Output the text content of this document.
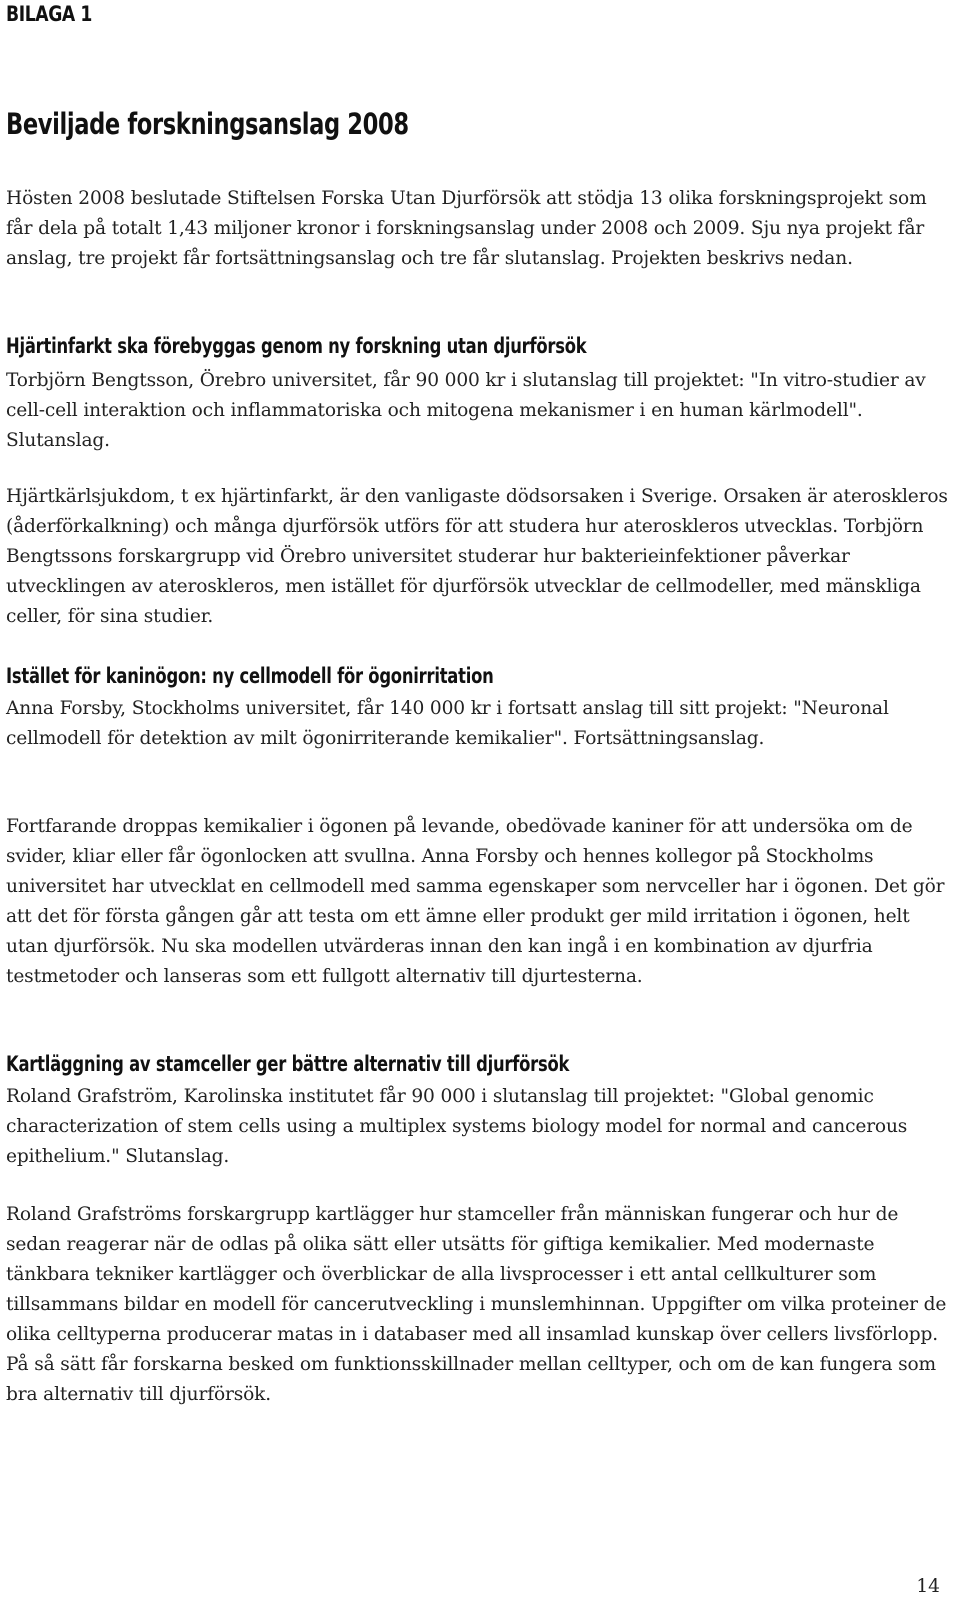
BILAGA 1
Beviljade forskningsanslag 2008

Hösten 2008 beslutade Stiftelsen Forska Utan Djurförsök att stödja 13 olika forskningsprojekt som får dela på totalt 1,43 miljoner kronor i forskningsanslag under 2008 och 2009. Sju nya projekt får anslag, tre projekt får fortsättningsanslag och tre får slutanslag. Projekten beskrivs nedan.

Hjärtinfarkt ska förebyggas genom ny forskning utan djurförsök

Torbjörn Bengtsson, Örebro universitet, får 90 000 kr i slutanslag till projektet: "In vitro-studier av cell-cell interaktion och inflammatoriska och mitogena mekanismer i en human kärlmodell". Slutanslag.

Hjärtkärlsjukdom, t ex hjärtinfarkt, är den vanligaste dödsorsaken i Sverige. Orsaken är ateroskleros (åderförkalkning) och många djurförsök utförs för att studera hur ateroskleros utvecklas. Torbjörn Bengtssons forskargrupp vid Örebro universitet studerar hur bakterieinfektioner påverkar utvecklingen av ateroskleros, men istället för djurförsök utvecklar de cellmodeller, med mänskliga celler, för sina studier.

Istället för kaninögon: ny cellmodell för ögonirritation

Anna Forsby, Stockholms universitet, får 140 000 kr i fortsatt anslag till sitt projekt: "Neuronal cellmodell för detektion av milt ögonirriterande kemikalier". Fortsättningsanslag.

Fortfarande droppas kemikalier i ögonen på levande, obedövade kaniner för att undersöka om de svider, kliar eller får ögonlocken att svullna. Anna Forsby och hennes kollegor på Stockholms universitet har utvecklat en cellmodell med samma egenskaper som nervceller har i ögonen. Det gör att det för första gången går att testa om ett ämne eller produkt ger mild irritation i ögonen, helt utan djurförsök. Nu ska modellen utvärderas innan den kan ingå i en kombination av djurfria testmetoder och lanseras som ett fullgott alternativ till djurtesterna.

Kartläggning av stamceller ger bättre alternativ till djurförsök

Roland Grafström, Karolinska institutet får 90 000 i slutanslag till projektet: "Global genomic characterization of stem cells using a multiplex systems biology model for normal and cancerous epithelium." Slutanslag.

Roland Grafströms forskargrupp kartlägger hur stamceller från människan fungerar och hur de sedan reagerar när de odlas på olika sätt eller utsätts för giftiga kemikalier. Med modernaste tänkbara tekniker kartlägger och överblickar de alla livsprocesser i ett antal cellkulturer som tillsammans bildar en modell för cancerutveckling i munslemhinnan. Uppgifter om vilka proteiner de olika celltyperna producerar matas in i databaser med all insamlad kunskap över cellers livsförlopp. På så sätt får forskarna besked om funktionsskillnader mellan celltyper, och om de kan fungera som bra alternativ till djurförsök.

14
